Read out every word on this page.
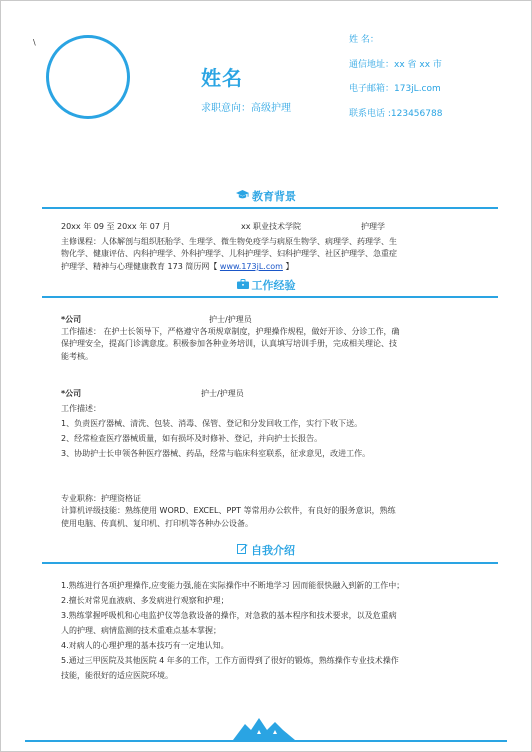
\
姓名
求职意向：高级护理
姓 名：
通信地址：xx 省 xx 市
电子邮箱：173jL.com
联系电话 :123456788
教育背景
20xx 年 09 至 20xx 年 07 月	xx 职业技术学院	护理学
主修课程：人体解剖与组织胚胎学、生理学、微生物免疫学与病原生物学、病理学、药理学、生
物化学、健康评估、内科护理学、外科护理学、儿科护理学、妇科护理学、社区护理学、急重症
护理学、精神与心理健康教育 173 简历网【 www.173jL.com 】
工作经验
*公司	护士/护理员
工作描述： 在护士长领导下，严格遵守各项规章制度，护理操作规程，做好开诊、分诊工作，确
保护理安全，提高门诊满意度。积极参加各种业务培训，认真填写培训手册，完成相关理论、技
能考核。
*公司	护士/护理员
工作描述：
1、负责医疗器械、清洗、包装、消毒、保管、登记和分发回收工作，实行下收下送。
2、经常检查医疗器械质量，如有损坏及时修补、登记，并向护士长报告。
3、协助护士长申领各种医疗器械、药品，经常与临床科室联系，征求意见，改进工作。
专业职称：护理资格证
计算机评级技能：熟练使用 WORD、EXCEL、PPT 等常用办公软件，有良好的服务意识，熟练
使用电脑、传真机、复印机、打印机等各种办公设备。
自我介绍
1.熟练进行各项护理操作,应变能力强,能在实际操作中不断地学习 因而能很快融入到新的工作中；
2.擅长对常见血液病、多发病进行观察和护理；
3.熟练掌握呼吸机和心电监护仪等急救设备的操作，对急救的基本程序和技术要求，以及危重病
人的护理、病情监测的技术重难点基本掌握；
4.对病人的心理护理的基本技巧有一定地认知。
5.通过三甲医院及其他医院 4 年多的工作，工作方面得到了很好的锻炼，熟练操作专业技术操作
技能，能很好的适应医院环境。
